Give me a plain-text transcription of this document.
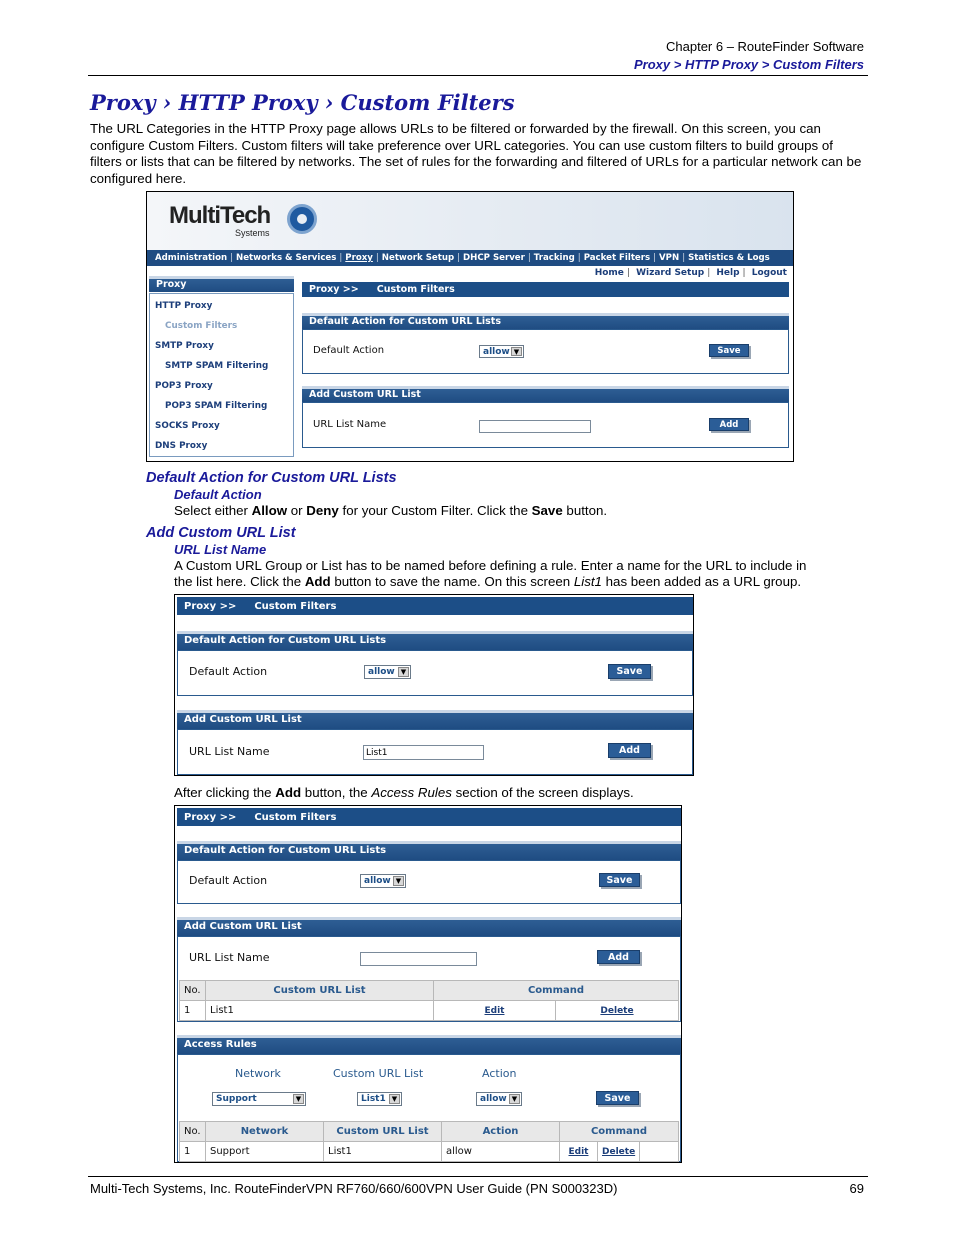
Chapter 6 – RouteFinder Software
Proxy > HTTP Proxy > Custom Filters
Proxy › HTTP Proxy › Custom Filters
The URL Categories in the HTTP Proxy page allows URLs to be filtered or forwarded by the firewall. On this screen, you can configure Custom Filters. Custom filters will take preference over URL categories. You can use custom filters to build groups of filters or lists that can be filtered by networks. The set of rules for the forwarding and filtered of URLs for a particular network can be configured here.
MultiTech
Systems
Administration | Networks & Services | Proxy | Network Setup | DHCP Server | Tracking | Packet Filters | VPN | Statistics & Logs
Home | Wizard Setup | Help | Logout
Proxy
HTTP Proxy
Custom Filters
SMTP Proxy
SMTP SPAM Filtering
POP3 Proxy
POP3 SPAM Filtering
SOCKS Proxy
DNS Proxy
Proxy >> Custom Filters
Default Action for Custom URL Lists
Default Action	allow ▼	Save
Add Custom URL List
URL List Name	Add
Default Action for Custom URL Lists
Default Action
Select either Allow or Deny for your Custom Filter. Click the Save button.
Add Custom URL List
URL List Name
A Custom URL Group or List has to be named before defining a rule. Enter a name for the URL to include in
the list here. Click the Add button to save the name. On this screen List1 has been added as a URL group.
Proxy >> Custom Filters
Default Action for Custom URL Lists
Default Action	allow ▼	Save
Add Custom URL List
URL List Name	List1	Add
After clicking the Add button, the Access Rules section of the screen displays.
Proxy >> Custom Filters
Default Action for Custom URL Lists
Default Action	allow ▼	Save
Add Custom URL List
URL List Name	Add
No.	Custom URL List	Command	
1	List1	Edit	Delete
Access Rules
Network	Custom URL List	Action
Support	▼	List1 ▼	allow ▼	Save
No.	Network	Custom URL List	Action	Command		
1	Support	List1	allow	Edit	Delete	
Multi-Tech Systems, Inc. RouteFinderVPN RF760/660/600VPN User Guide (PN S000323D)	69
